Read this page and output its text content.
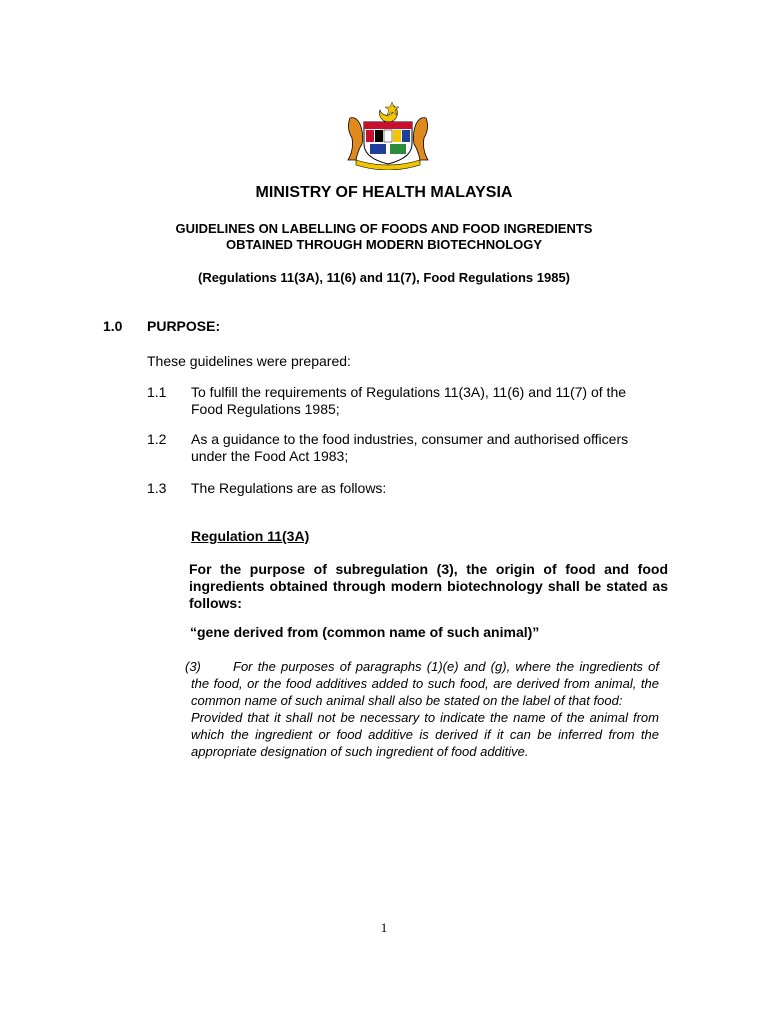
MINISTRY OF HEALTH MALAYSIA
GUIDELINES ON LABELLING OF FOODS AND FOOD INGREDIENTS
OBTAINED THROUGH MODERN BIOTECHNOLOGY
(Regulations 11(3A), 11(6) and 11(7), Food Regulations 1985)
1.0 PURPOSE:
These guidelines were prepared:
1.1 To fulfill the requirements of Regulations 11(3A), 11(6) and 11(7) of the
Food Regulations 1985;
1.2 As a guidance to the food industries, consumer and authorised officers
under the Food Act 1983;
1.3 The Regulations are as follows:
Regulation 11(3A)
For the purpose of subregulation (3), the origin of food and food ingredients obtained through modern biotechnology shall be stated as follows:
“gene derived from (common name of such animal)”
(3) For the purposes of paragraphs (1)(e) and (g), where the ingredients of the food, or the food additives added to such food, are derived from animal, the common name of such animal shall also be stated on the label of that food:
Provided that it shall not be necessary to indicate the name of the animal from which the ingredient or food additive is derived if it can be inferred from the appropriate designation of such ingredient of food additive.
1
